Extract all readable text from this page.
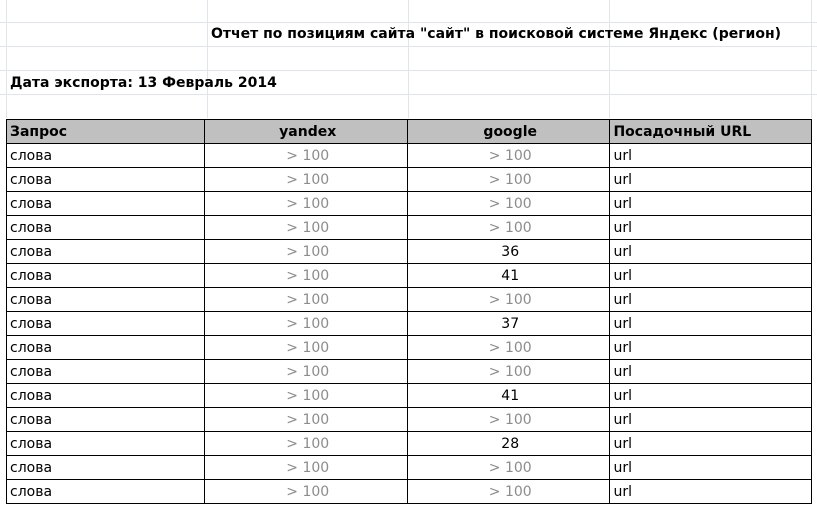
Отчет по позициям сайта "сайт" в поисковой системе Яндекс (регион)
Дата экспорта: 13 Февраль 2014
Запрос	yandex	google	Посадочный URL
слова	> 100	> 100	url
слова	> 100	> 100	url
слова	> 100	> 100	url
слова	> 100	> 100	url
слова	> 100	36	url
слова	> 100	41	url
слова	> 100	> 100	url
слова	> 100	37	url
слова	> 100	> 100	url
слова	> 100	> 100	url
слова	> 100	41	url
слова	> 100	> 100	url
слова	> 100	28	url
слова	> 100	> 100	url
слова	> 100	> 100	url
